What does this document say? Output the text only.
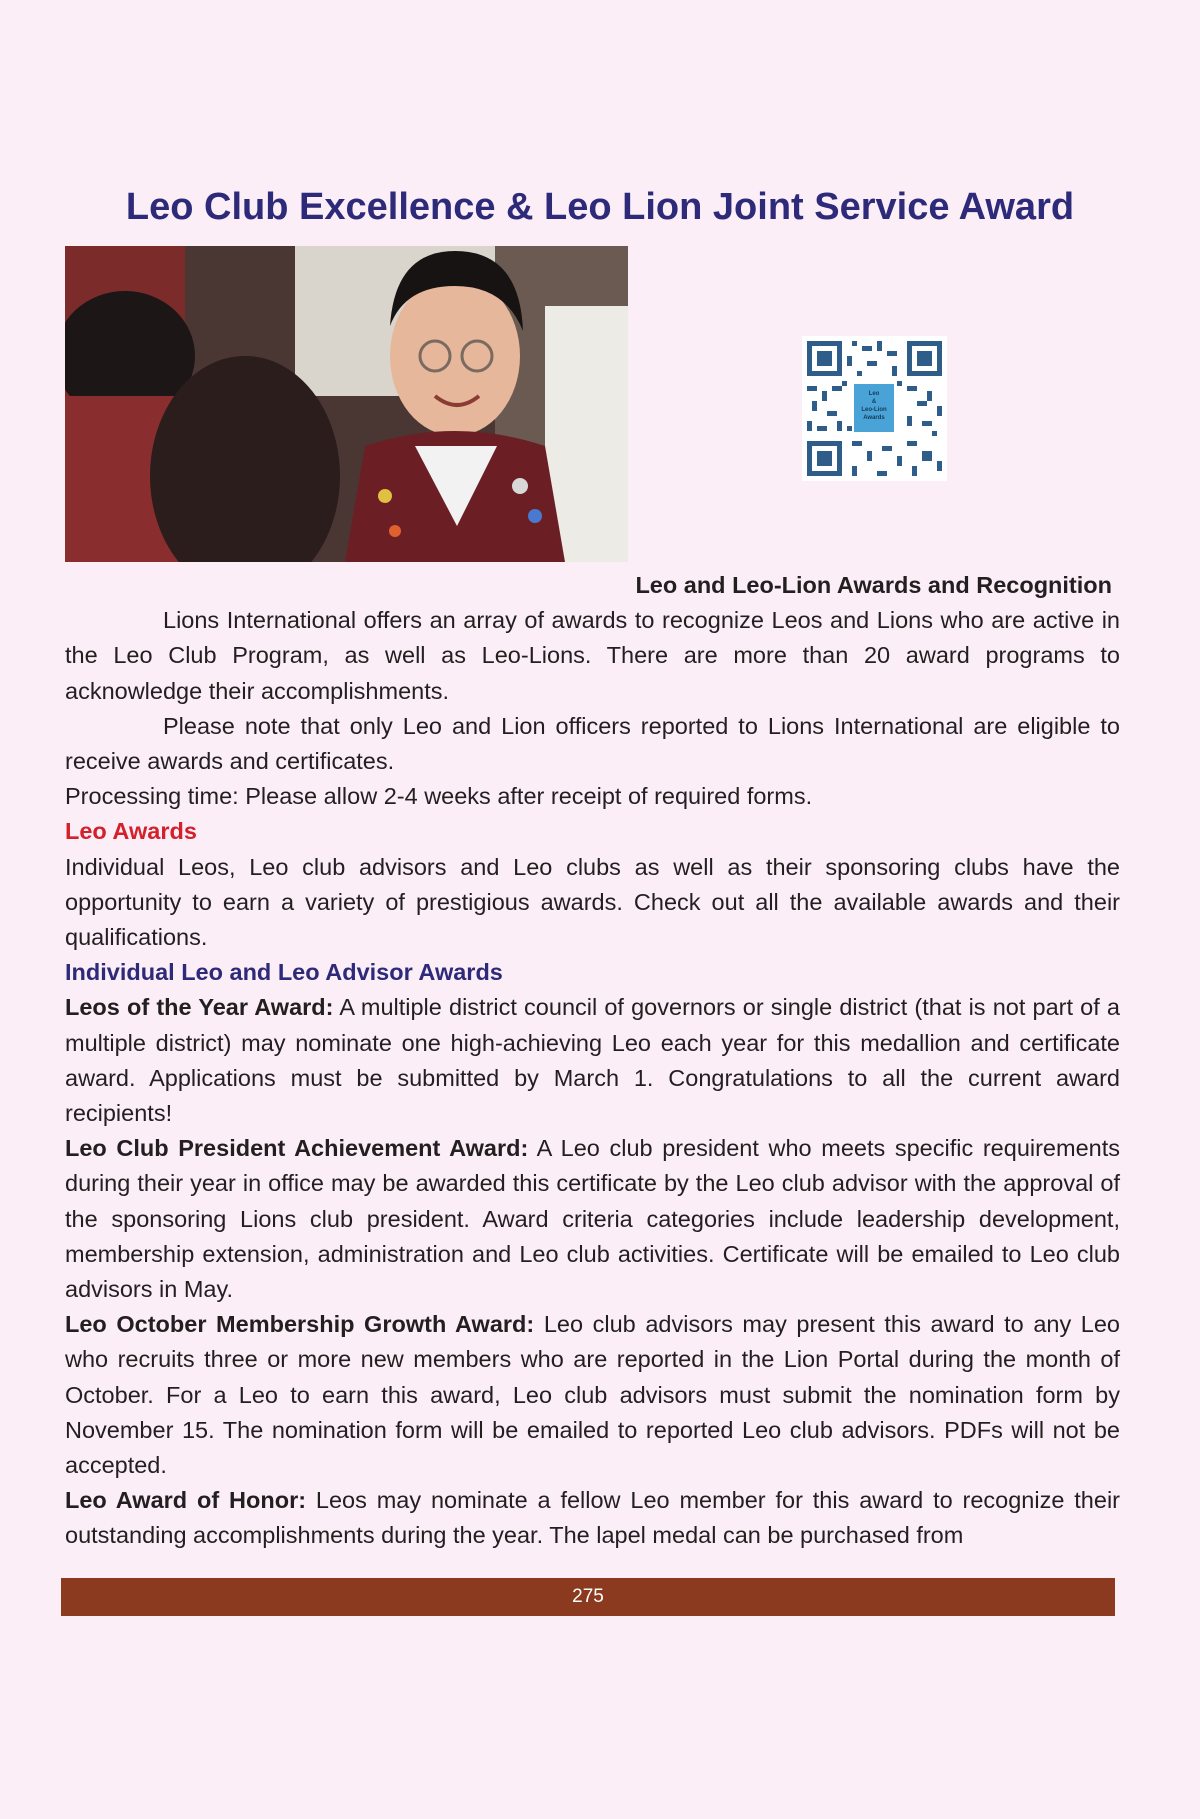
Leo Club Excellence & Leo Lion Joint Service Award
Leo
&
Leo-Lion
Awards

Leo and Leo-Lion Awards and Recognition

Lions International offers an array of awards to recognize Leos and Lions who are active in the Leo Club Program, as well as Leo-Lions. There are more than 20 award programs to acknowledge their accomplishments.

Please note that only Leo and Lion officers reported to Lions International are eligible to receive awards and certificates.

Processing time: Please allow 2-4 weeks after receipt of required forms.

Leo Awards

Individual Leos, Leo club advisors and Leo clubs as well as their sponsoring clubs have the opportunity to earn a variety of prestigious awards. Check out all the available awards and their qualifications.

Individual Leo and Leo Advisor Awards

Leos of the Year Award: A multiple district council of governors or single district (that is not part of a multiple district) may nominate one high-achieving Leo each year for this medallion and certificate award. Applications must be submitted by March 1. Congratulations to all the current award recipients!

Leo Club President Achievement Award: A Leo club president who meets specific requirements during their year in office may be awarded this certificate by the Leo club advisor with the approval of the sponsoring Lions club president. Award criteria categories include leadership development, membership extension, administration and Leo club activities. Certificate will be emailed to Leo club advisors in May.

Leo October Membership Growth Award: Leo club advisors may present this award to any Leo who recruits three or more new members who are reported in the Lion Portal during the month of October. For a Leo to earn this award, Leo club advisors must submit the nomination form by November 15. The nomination form will be emailed to reported Leo club advisors. PDFs will not be accepted.

Leo Award of Honor: Leos may nominate a fellow Leo member for this award to recognize their outstanding accomplishments during the year. The lapel medal can be purchased from

275
